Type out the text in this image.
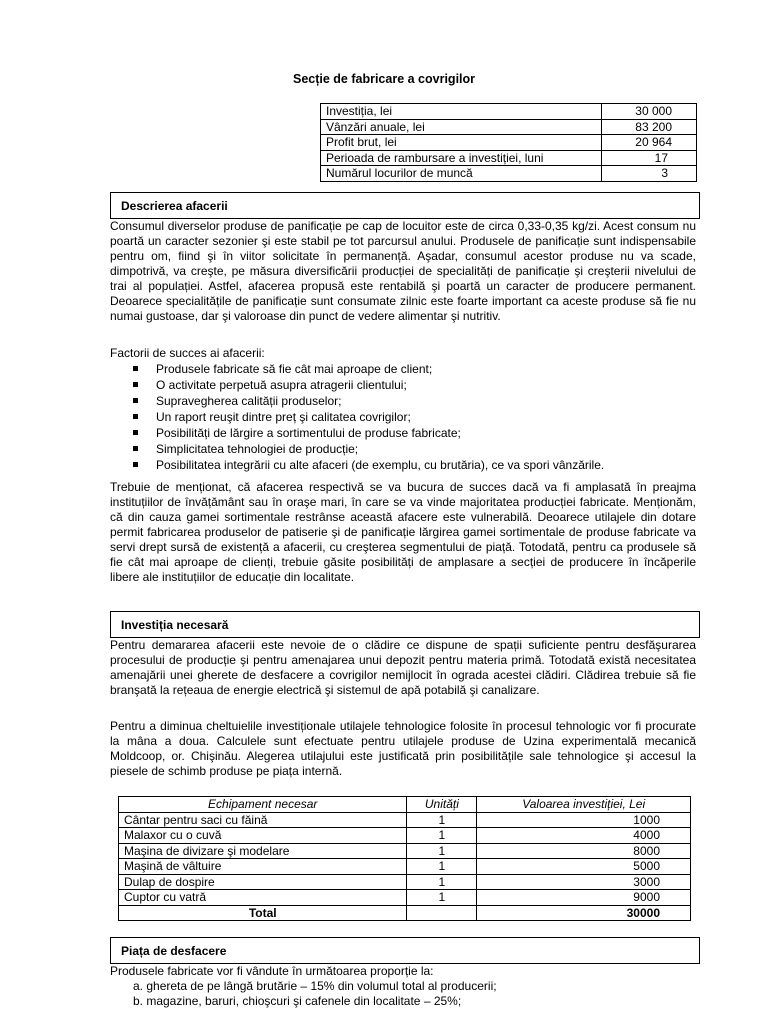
Secție de fabricare a covrigilor
Investiția, lei	30 000
Vânzări anuale, lei	83 200
Profit brut, lei	20 964
Perioada de rambursare a investiției, luni	17
Numărul locurilor de muncă	3
Descrierea afacerii

Consumul diverselor produse de panificație pe cap de locuitor este de circa 0,33-0,35 kg/zi. Acest consum nu poartă un caracter sezonier şi este stabil pe tot parcursul anului. Produsele de panificație sunt indispensabile pentru om, fiind şi în viitor solicitate în permanență. Aşadar, consumul acestor produse nu va scade, dimpotrivă, va creşte, pe măsura diversificării producției de specialități de panificație şi creşterii nivelului de trai al populației. Astfel, afacerea propusă este rentabilă şi poartă un caracter de producere permanent. Deoarece specialitățile de panificație sunt consumate zilnic este foarte important ca aceste produse să fie nu numai gustoase, dar şi valoroase din punct de vedere alimentar şi nutritiv.

Factorii de succes ai afacerii:

Produsele fabricate să fie cât mai aproape de client;
O activitate perpetuă asupra atragerii clientului;
Supravegherea calității produselor;
Un raport reuşit dintre preț şi calitatea covrigilor;
Posibilități de lărgire a sortimentului de produse fabricate;
Simplicitatea tehnologiei de producție;
Posibilitatea integrării cu alte afaceri (de exemplu, cu brutăria), ce va spori vânzările.

Trebuie de menționat, că afacerea respectivă se va bucura de succes dacă va fi amplasată în preajma instituțiilor de învățământ sau în oraşe mari, în care se va vinde majoritatea producției fabricate. Menționăm, că din cauza gamei sortimentale restrânse această afacere este vulnerabilă. Deoarece utilajele din dotare permit fabricarea produselor de patiserie şi de panificație lărgirea gamei sortimentale de produse fabricate va servi drept sursă de existență a afacerii, cu creşterea segmentului de piață. Totodată, pentru ca produsele să fie cât mai aproape de clienți, trebuie găsite posibilități de amplasare a secției de producere în încăperile libere ale instituțiilor de educație din localitate.

Investiția necesară

Pentru demararea afacerii este nevoie de o clădire ce dispune de spații suficiente pentru desfăşurarea procesului de producție şi pentru amenajarea unui depozit pentru materia primă. Totodată există necesitatea amenajării unei gherete de desfacere a covrigilor nemijlocit în ograda acestei clădiri. Clădirea trebuie să fie branşată la rețeaua de energie electrică şi sistemul de apă potabilă şi canalizare.

Pentru a diminua cheltuielile investiționale utilajele tehnologice folosite în procesul tehnologic vor fi procurate la mâna a doua. Calculele sunt efectuate pentru utilajele produse de Uzina experimentală mecanică Moldcoop, or. Chişinău. Alegerea utilajului este justificată prin posibilitățile sale tehnologice şi accesul la piesele de schimb produse pe piața internă.

Echipament necesar	Unități	Valoarea investiției, Lei
Cântar pentru saci cu făină	1	1000
Malaxor cu o cuvă	1	4000
Maşina de divizare şi modelare	1	8000
Maşină de vâltuire	1	5000
Dulap de dospire	1	3000
Cuptor cu vatră	1	9000
Total		30000
Piața de desfacere

Produsele fabricate vor fi vândute în următoarea proporție la:

a. ghereta de pe lângă brutărie – 15% din volumul total al producerii;

b. magazine, baruri, chioşcuri şi cafenele din localitate – 25%;
